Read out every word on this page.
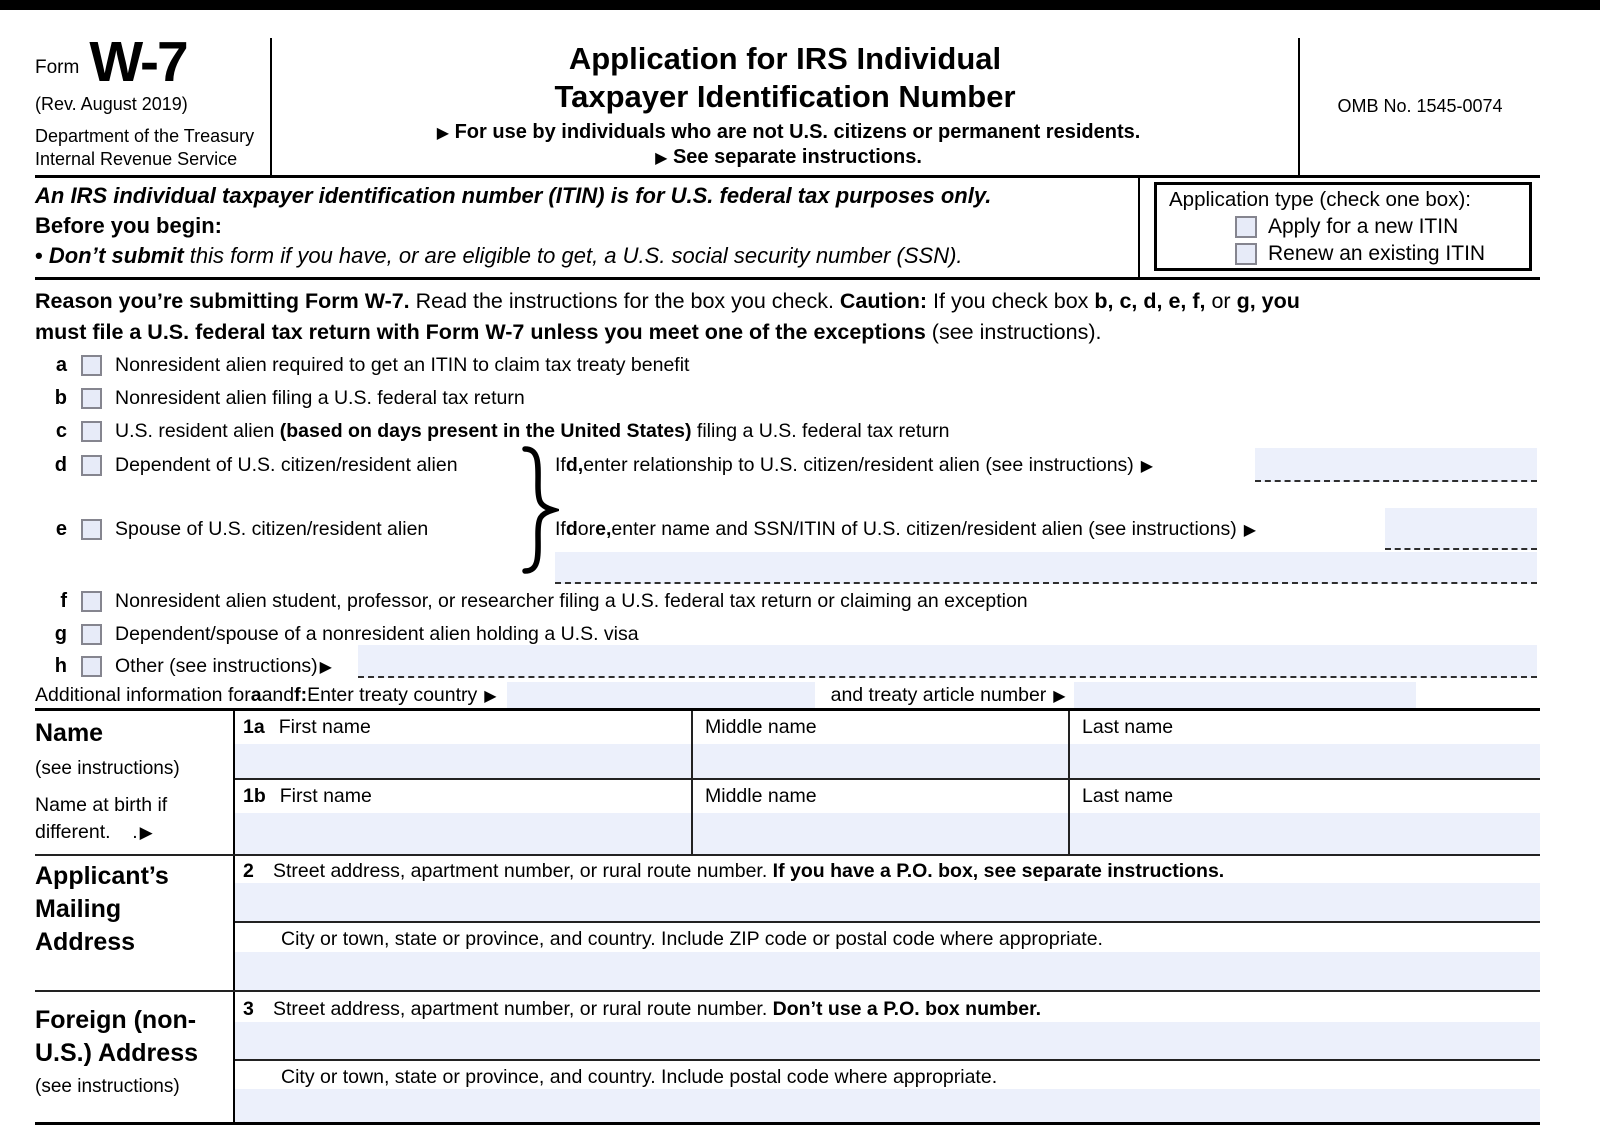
Form W-7
(Rev. August 2019)
Department of the Treasury
Internal Revenue Service
Application for IRS Individual
Taxpayer Identification Number
▶ For use by individuals who are not U.S. citizens or permanent residents.
▶ See separate instructions.
OMB No. 1545-0074
An IRS individual taxpayer identification number (ITIN) is for U.S. federal tax purposes only.
Before you begin:
• Don’t submit this form if you have, or are eligible to get, a U.S. social security number (SSN).
Application type (check one box):
Apply for a new ITIN
Renew an existing ITIN
Reason you’re submitting Form W-7. Read the instructions for the box you check. Caution: If you check box b, c, d, e, f, or g, you
must file a U.S. federal tax return with Form W-7 unless you meet one of the exceptions (see instructions).
a Nonresident alien required to get an ITIN to claim tax treaty benefit
b Nonresident alien filing a U.S. federal tax return
c U.S. resident alien (based on days present in the United States) filing a U.S. federal tax return
d Dependent of U.S. citizen/resident alien	If d, enter relationship to U.S. citizen/resident alien (see instructions) ▶
e Spouse of U.S. citizen/resident alien	If d or e, enter name and SSN/ITIN of U.S. citizen/resident alien (see instructions) ▶
f Nonresident alien student, professor, or researcher filing a U.S. federal tax return or claiming an exception
g Dependent/spouse of a nonresident alien holding a U.S. visa
h Other (see instructions) ▶
Additional information for a and f: Enter treaty country ▶	and treaty article number ▶
Name
(see instructions)
Name at birth if
different.    . ▶
1a First name	Middle name	Last name
1b First name	Middle name	Last name
Applicant’s
Mailing
Address
2 Street address, apartment number, or rural route number. If you have a P.O. box, see separate instructions.
City or town, state or province, and country. Include ZIP code or postal code where appropriate.
Foreign (non-
U.S.) Address
(see instructions)
3 Street address, apartment number, or rural route number. Don’t use a P.O. box number.
City or town, state or province, and country. Include postal code where appropriate.
